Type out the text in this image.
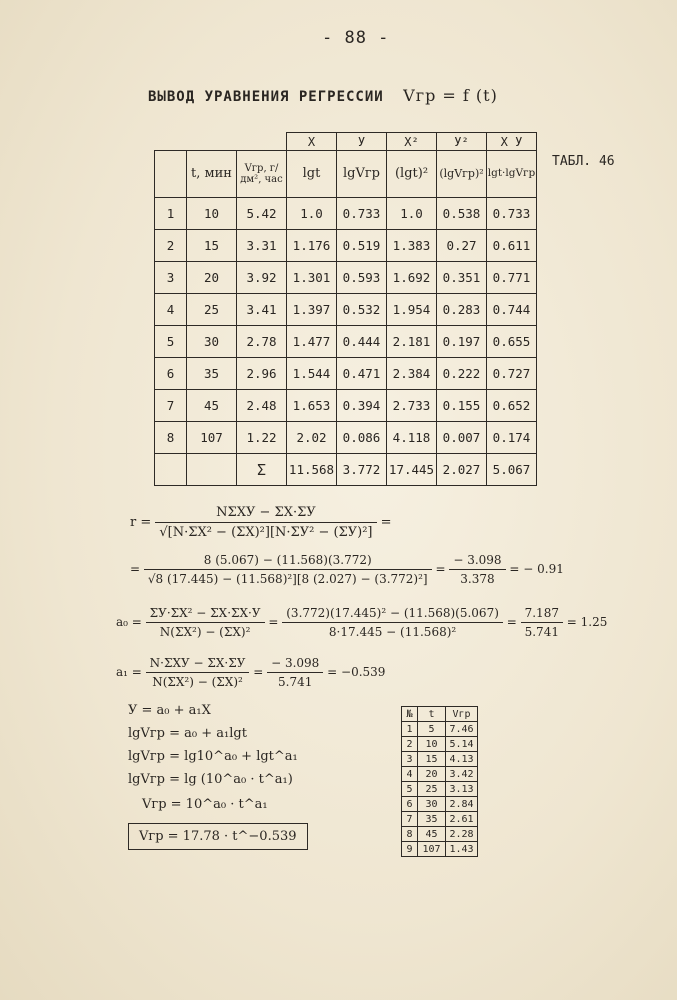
- 88 -
ВЫВОД УРАВНЕНИЯ РЕГРЕССИИ Vгр = f (t)
ТАБЛ. 46
			X	У	X²	У²	X У
	t, мин	Vгр, г/дм², час	lgt	lgVгр	(lgt)²	(lgVгр)²	lgt·lgVгр
1	10	5.42	1.0	0.733	1.0	0.538	0.733
2	15	3.31	1.176	0.519	1.383	0.27	0.611
3	20	3.92	1.301	0.593	1.692	0.351	0.771
4	25	3.41	1.397	0.532	1.954	0.283	0.744
5	30	2.78	1.477	0.444	2.181	0.197	0.655
6	35	2.96	1.544	0.471	2.384	0.222	0.727
7	45	2.48	1.653	0.394	2.733	0.155	0.652
8	107	1.22	2.02	0.086	4.118	0.007	0.174
		Σ	11.568	3.772	17.445	2.027	5.067
$r = \frac{\text{NΣXУ − ΣX·ΣУ}}{\text{√[N·ΣX² − (ΣX)²][N·ΣУ² − (ΣУ)²]}}$ =
= $\frac{8 (5.067) - (11.568)(3.772)}{\text{√8 (17.445) − (11.568)²][8 (2.027) − (3.772)²]}} = \frac{- 3.098}{3.378}$ = − 0.91
$a_0 = \frac{\text{ΣУ·ΣX² − ΣX·ΣX·У}}{\text{N(ΣX²) − (ΣX)²}} = \frac{\text{(3.772)(17.445)² − (11.568)(5.067)}}{\text{8·17.445 − (11.568)²}} = \frac{7.187}{5.741} = 1.25$
$a_1 = \frac{\text{N·ΣXУ − ΣX·ΣУ}}{\text{N(ΣX²) − (ΣX)²}} = \frac{- 3.098}{5.741} = -0.539$
У = a₀ + a₁X
lgVгр = a₀ + a₁lgt
lgVгр = lg10^a₀ + lgt^a₁
lgVгр = lg (10^a₀ · t^a₁)
Vгр = 10^a₀ · t^a₁
Vгр = 17.78 · t^−0.539
№	t	Vгр
1	5	7.46
2	10	5.14
3	15	4.13
4	20	3.42
5	25	3.13
6	30	2.84
7	35	2.61
8	45	2.28
9	107	1.43
